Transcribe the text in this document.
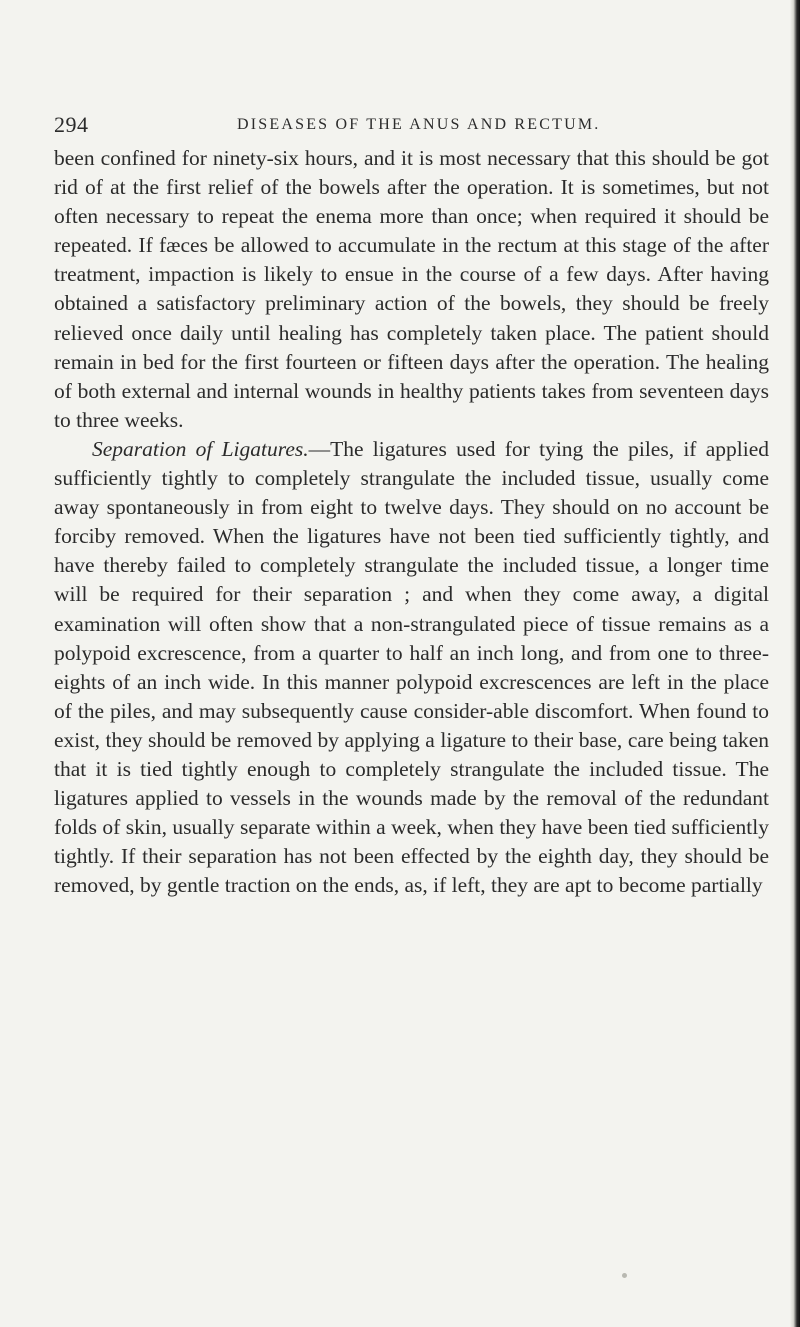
294	DISEASES OF THE ANUS AND RECTUM.

been confined for ninety-six hours, and it is most necessary that this should be got rid of at the first relief of the bowels after the operation. It is sometimes, but not often necessary to repeat the enema more than once; when required it should be repeated. If fæces be allowed to accumulate in the rectum at this stage of the after treatment, impaction is likely to ensue in the course of a few days. After having obtained a satisfactory preliminary action of the bowels, they should be freely relieved once daily until healing has completely taken place. The patient should remain in bed for the first fourteen or fifteen days after the operation. The healing of both external and internal wounds in healthy patients takes from seventeen days to three weeks.

Separation of Ligatures.—The ligatures used for tying the piles, if applied sufficiently tightly to completely strangulate the included tissue, usually come away spontaneously in from eight to twelve days. They should on no account be forciby removed. When the ligatures have not been tied sufficiently tightly, and have thereby failed to completely strangulate the included tissue, a longer time will be required for their separation ; and when they come away, a digital examination will often show that a non-strangulated piece of tissue remains as a polypoid excrescence, from a quarter to half an inch long, and from one to three-eights of an inch wide. In this manner polypoid excrescences are left in the place of the piles, and may subsequently cause consider-able discomfort. When found to exist, they should be removed by applying a ligature to their base, care being taken that it is tied tightly enough to completely strangulate the included tissue. The ligatures applied to vessels in the wounds made by the removal of the redundant folds of skin, usually separate within a week, when they have been tied sufficiently tightly. If their separation has not been effected by the eighth day, they should be removed, by gentle traction on the ends, as, if left, they are apt to become partially
